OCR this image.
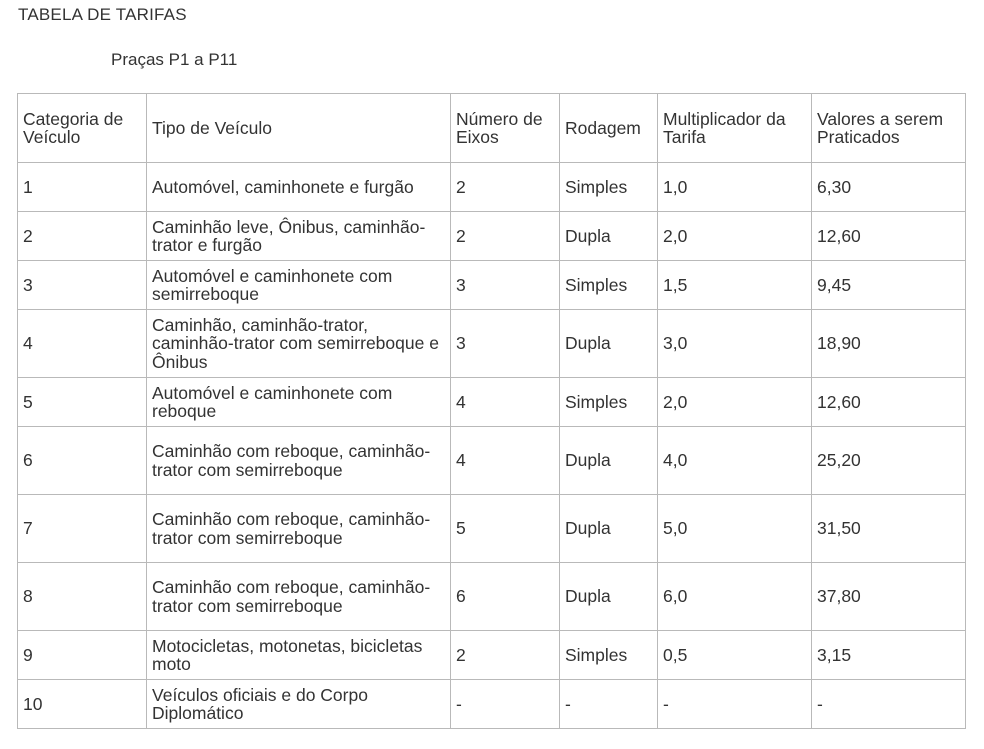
TABELA DE TARIFAS
Praças P1 a P11
Categoria de Veículo	Tipo de Veículo	Número de Eixos	Rodagem	Multiplicador da Tarifa	Valores a serem Praticados
1	Automóvel, caminhonete e furgão	2	Simples	1,0	6,30
2	Caminhão leve, Ônibus, caminhão-trator e furgão	2	Dupla	2,0	12,60
3	Automóvel e caminhonete com semirreboque	3	Simples	1,5	9,45
4	Caminhão, caminhão-trator, caminhão-trator com semirreboque e Ônibus	3	Dupla	3,0	18,90
5	Automóvel e caminhonete com reboque	4	Simples	2,0	12,60
6	Caminhão com reboque, caminhão-trator com semirreboque	4	Dupla	4,0	25,20
7	Caminhão com reboque, caminhão-trator com semirreboque	5	Dupla	5,0	31,50
8	Caminhão com reboque, caminhão-trator com semirreboque	6	Dupla	6,0	37,80
9	Motocicletas, motonetas, bicicletas moto	2	Simples	0,5	3,15
10	Veículos oficiais e do Corpo Diplomático	-	-	-	-
